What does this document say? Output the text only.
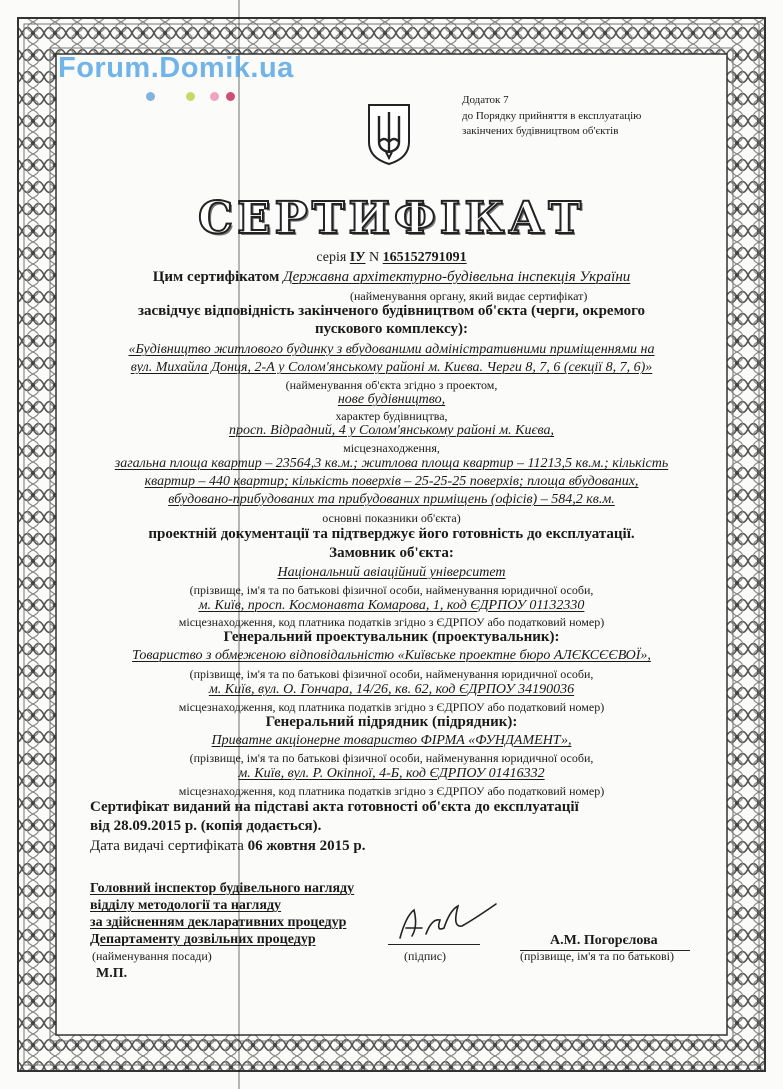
Forum.Domik.ua
Додаток 7
до Порядку прийняття в експлуатацію
закінчених будівництвом об'єктів
СЕРТИФІКАТ
серія ІУ N 165152791091
Цим сертифікатом Державна архітектурно-будівельна інспекція України
(найменування органу, який видає сертифікат)
засвідчує відповідність закінченого будівництвом об'єкта (черги, окремого
пускового комплексу):
«Будівництво житлового будинку з вбудованими адміністративними приміщеннями на
вул. Михайла Донця, 2-А у Солом'янському районі м. Києва. Черги 8, 7, 6 (секції 8, 7, 6)»
(найменування об'єкта згідно з проектом,
нове будівництво,
характер будівництва,
просп. Відрадний, 4 у Солом'янському районі м. Києва,
місцезнаходження,
загальна площа квартир – 23564,3 кв.м.; житлова площа квартир – 11213,5 кв.м.; кількість
квартир – 440 квартир; кількість поверхів – 25-25-25 поверхів; площа вбудованих,
вбудовано-прибудованих та прибудованих приміщень (офісів) – 584,2 кв.м.
основні показники об'єкта)
проектній документації та підтверджує його готовність до експлуатації.
Замовник об'єкта:
Національний авіаційний університет
(прізвище, ім'я та по батькові фізичної особи, найменування юридичної особи,
м. Київ, просп. Космонавта Комарова, 1, код ЄДРПОУ 01132330
місцезнаходження, код платника податків згідно з ЄДРПОУ або податковий номер)
Генеральний проектувальник (проектувальник):
Товариство з обмеженою відповідальністю «Київське проектне бюро АЛЄКСЄЄВОЇ»,
(прізвище, ім'я та по батькові фізичної особи, найменування юридичної особи,
м. Київ, вул. О. Гончара, 14/26, кв. 62, код ЄДРПОУ 34190036
місцезнаходження, код платника податків згідно з ЄДРПОУ або податковий номер)
Генеральний підрядник (підрядник):
Приватне акціонерне товариство ФІРМА «ФУНДАМЕНТ»,
(прізвище, ім'я та по батькові фізичної особи, найменування юридичної особи,
м. Київ, вул. Р. Окіпної, 4-Б, код ЄДРПОУ 01416332
місцезнаходження, код платника податків згідно з ЄДРПОУ або податковий номер)
Сертифікат виданий на підставі акта готовності об'єкта до експлуатації
від 28.09.2015 р. (копія додається).
Дата видачі сертифіката 06 жовтня 2015 р.
Головний інспектор будівельного нагляду
відділу методології та нагляду
за здійсненням декларативних процедур
Департаменту дозвільних процедур
(найменування посади)
М.П.
(підпис)
А.М. Погорєлова
(прізвище, ім'я та по батькові)
